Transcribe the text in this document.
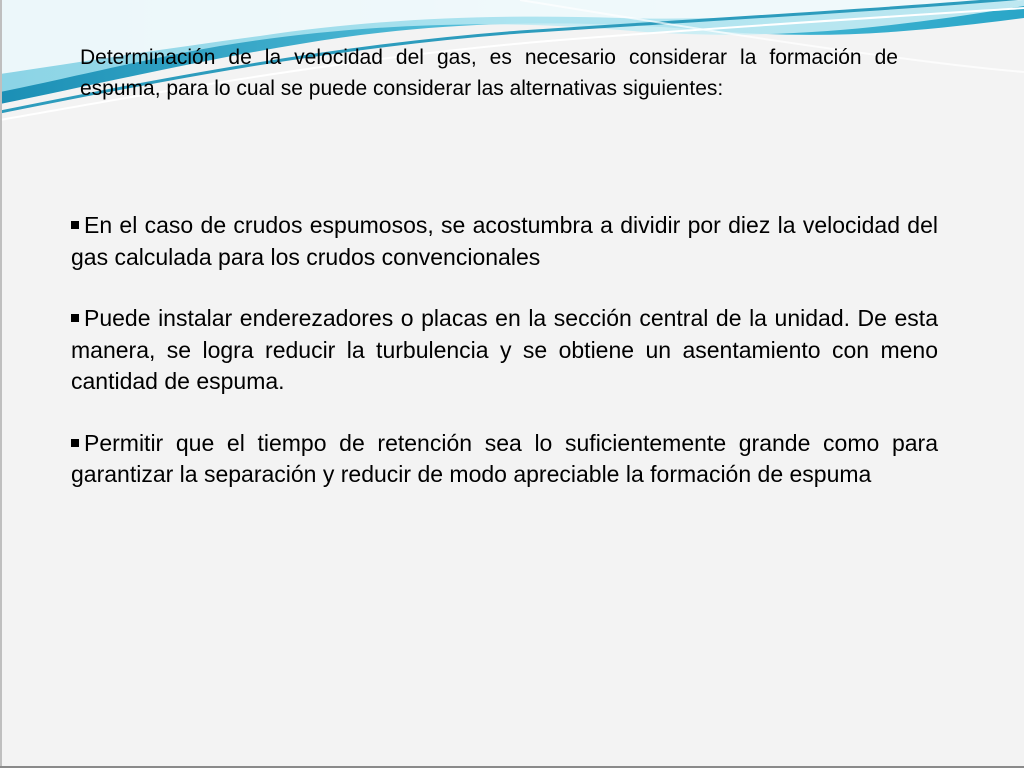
Determinación de la velocidad del gas, es necesario considerar la formación de espuma, para lo cual se puede considerar las alternativas siguientes:

En el caso de crudos espumosos, se acostumbra a dividir por diez la velocidad del gas calculada para los crudos convencionales
Puede instalar enderezadores o placas en la sección central de la unidad. De esta manera, se logra reducir la turbulencia y se obtiene un asentamiento con meno cantidad de espuma.
Permitir que el tiempo de retención sea lo suficientemente grande como para garantizar la separación y reducir de modo apreciable la formación de espuma
